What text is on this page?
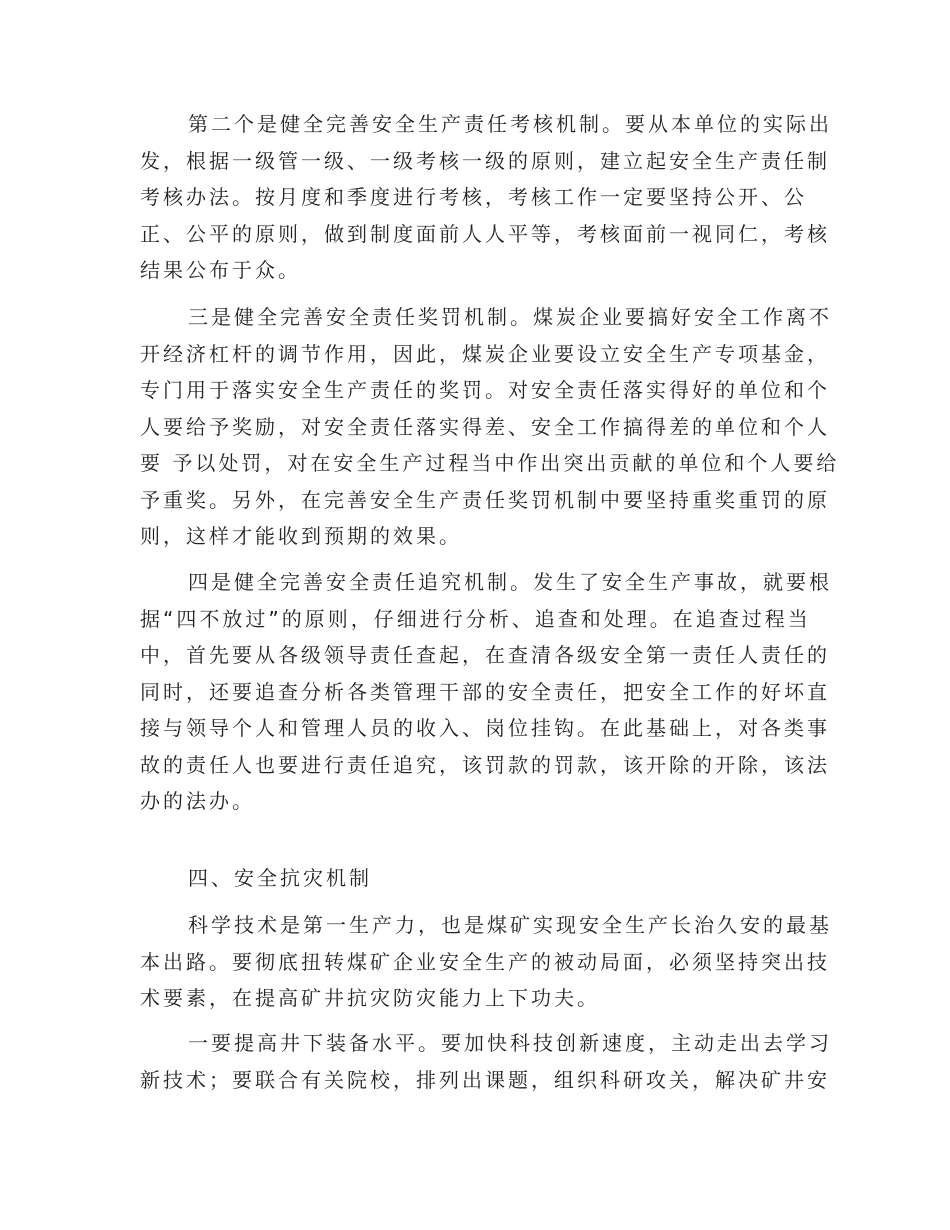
第二个是健全完善安全生产责任考核机制。要从本单位的实际出
发，根据一级管一级、一级考核一级的原则，建立起安全生产责任制
考核办法。按月度和季度进行考核，考核工作一定要坚持公开、公
正、公平的原则，做到制度面前人人平等，考核面前一视同仁，考核
结果公布于众。
三是健全完善安全责任奖罚机制。煤炭企业要搞好安全工作离不
开经济杠杆的调节作用，因此，煤炭企业要设立安全生产专项基金，
专门用于落实安全生产责任的奖罚。对安全责任落实得好的单位和个
人要给予奖励，对安全责任落实得差、安全工作搞得差的单位和个人
要 予以处罚，对在安全生产过程当中作出突出贡献的单位和个人要给
予重奖。另外，在完善安全生产责任奖罚机制中要坚持重奖重罚的原
则，这样才能收到预期的效果。
四是健全完善安全责任追究机制。发生了安全生产事故，就要根
据“四不放过”的原则，仔细进行分析、追查和处理。在追查过程当
中，首先要从各级领导责任查起，在查清各级安全第一责任人责任的
同时，还要追查分析各类管理干部的安全责任，把安全工作的好坏直
接与领导个人和管理人员的收入、岗位挂钩。在此基础上，对各类事
故的责任人也要进行责任追究，该罚款的罚款，该开除的开除，该法
办的法办。
四、安全抗灾机制
科学技术是第一生产力，也是煤矿实现安全生产长治久安的最基
本出路。要彻底扭转煤矿企业安全生产的被动局面，必须坚持突出技
术要素，在提高矿井抗灾防灾能力上下功夫。
一要提高井下装备水平。要加快科技创新速度，主动走出去学习
新技术；要联合有关院校，排列出课题，组织科研攻关，解决矿井安
